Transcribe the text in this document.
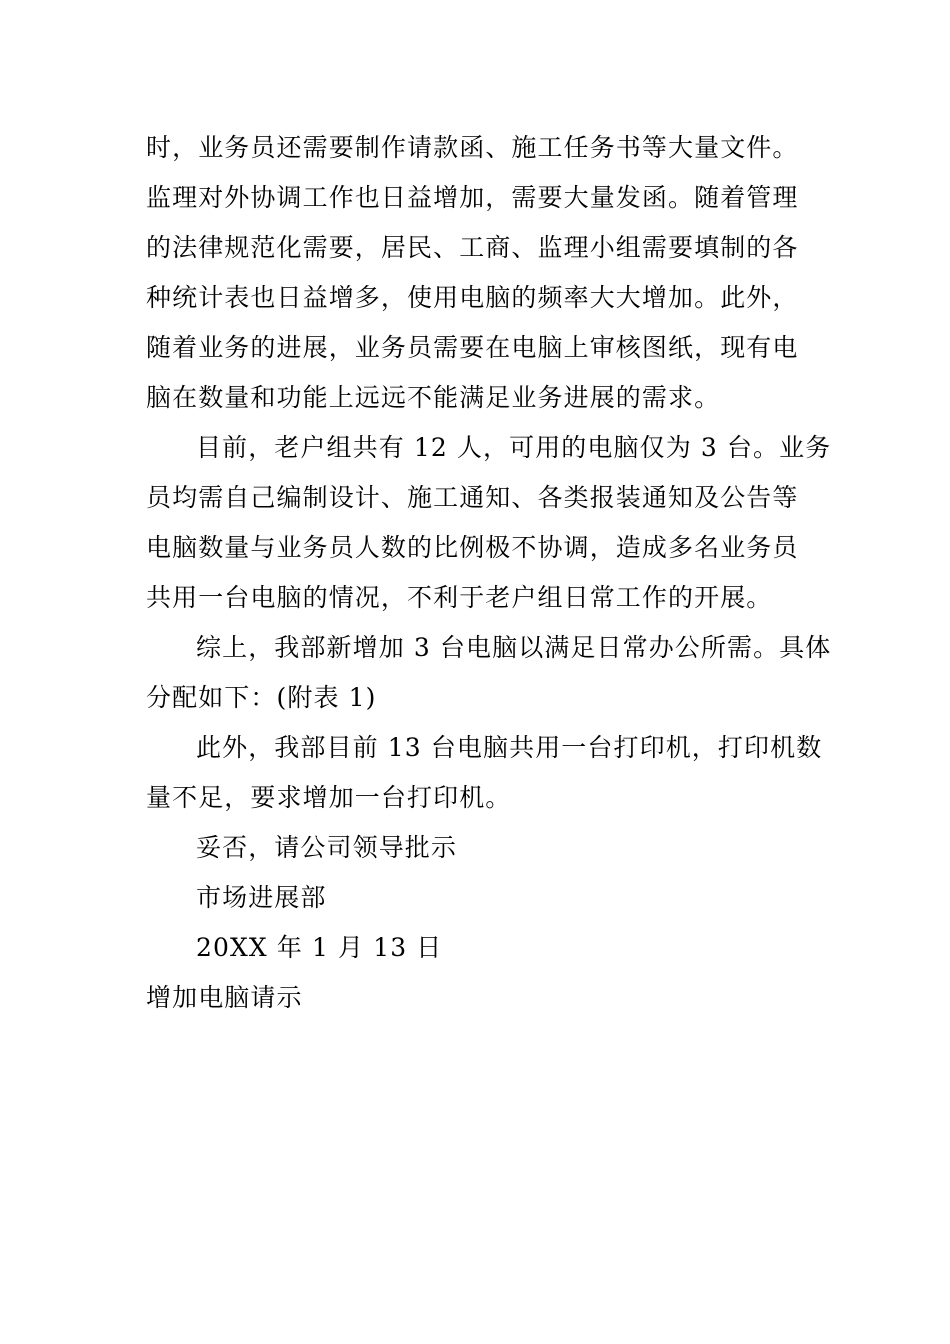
时，业务员还需要制作请款函、施工任务书等大量文件。
监理对外协调工作也日益增加，需要大量发函。随着管理
的法律规范化需要，居民、工商、监理小组需要填制的各
种统计表也日益增多，使用电脑的频率大大增加。此外，
随着业务的进展，业务员需要在电脑上审核图纸，现有电
脑在数量和功能上远远不能满足业务进展的需求。
目前，老户组共有 12 人，可用的电脑仅为 3 台。业务
员均需自己编制设计、施工通知、各类报装通知及公告等
电脑数量与业务员人数的比例极不协调，造成多名业务员
共用一台电脑的情况，不利于老户组日常工作的开展。
综上，我部新增加 3 台电脑以满足日常办公所需。具体
分配如下：(附表 1)
此外，我部目前 13 台电脑共用一台打印机，打印机数
量不足，要求增加一台打印机。
妥否，请公司领导批示
市场进展部
20XX 年 1 月 13 日
增加电脑请示
